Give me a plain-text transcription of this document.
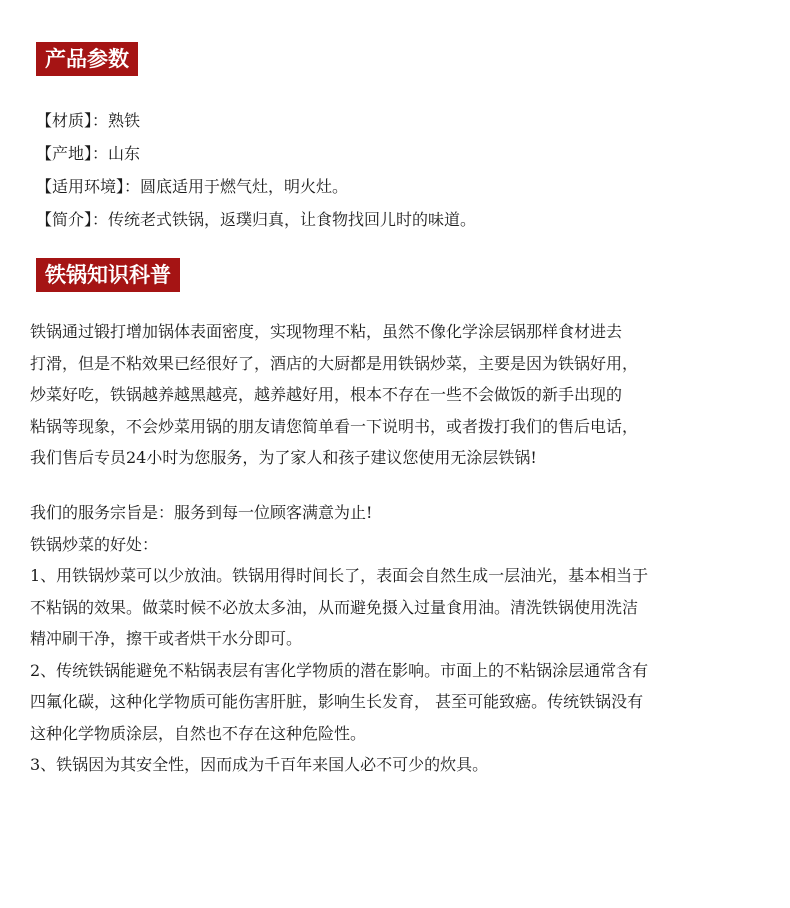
产品参数
【材质】：熟铁
【产地】：山东
【适用环境】：圆底适用于燃气灶，明火灶。
【简介】：传统老式铁锅，返璞归真，让食物找回儿时的味道。
铁锅知识科普

铁锅通过锻打增加锅体表面密度，实现物理不粘，虽然不像化学涂层锅那样食材进去

打滑，但是不粘效果已经很好了，酒店的大厨都是用铁锅炒菜，主要是因为铁锅好用，

炒菜好吃，铁锅越养越黑越亮，越养越好用，根本不存在一些不会做饭的新手出现的

粘锅等现象，不会炒菜用锅的朋友请您简单看一下说明书，或者拨打我们的售后电话，

我们售后专员24小时为您服务，为了家人和孩子建议您使用无涂层铁锅!

我们的服务宗旨是：服务到每一位顾客满意为止!

铁锅炒菜的好处：

1、用铁锅炒菜可以少放油。铁锅用得时间长了，表面会自然生成一层油光，基本相当于

不粘锅的效果。做菜时候不必放太多油，从而避免摄入过量食用油。清洗铁锅使用洗洁

精冲刷干净，擦干或者烘干水分即可。

2、传统铁锅能避免不粘锅表层有害化学物质的潜在影响。市面上的不粘锅涂层通常含有

四氟化碳，这种化学物质可能伤害肝脏，影响生长发育， 甚至可能致癌。传统铁锅没有

这种化学物质涂层，自然也不存在这种危险性。

3、铁锅因为其安全性，因而成为千百年来国人必不可少的炊具。
